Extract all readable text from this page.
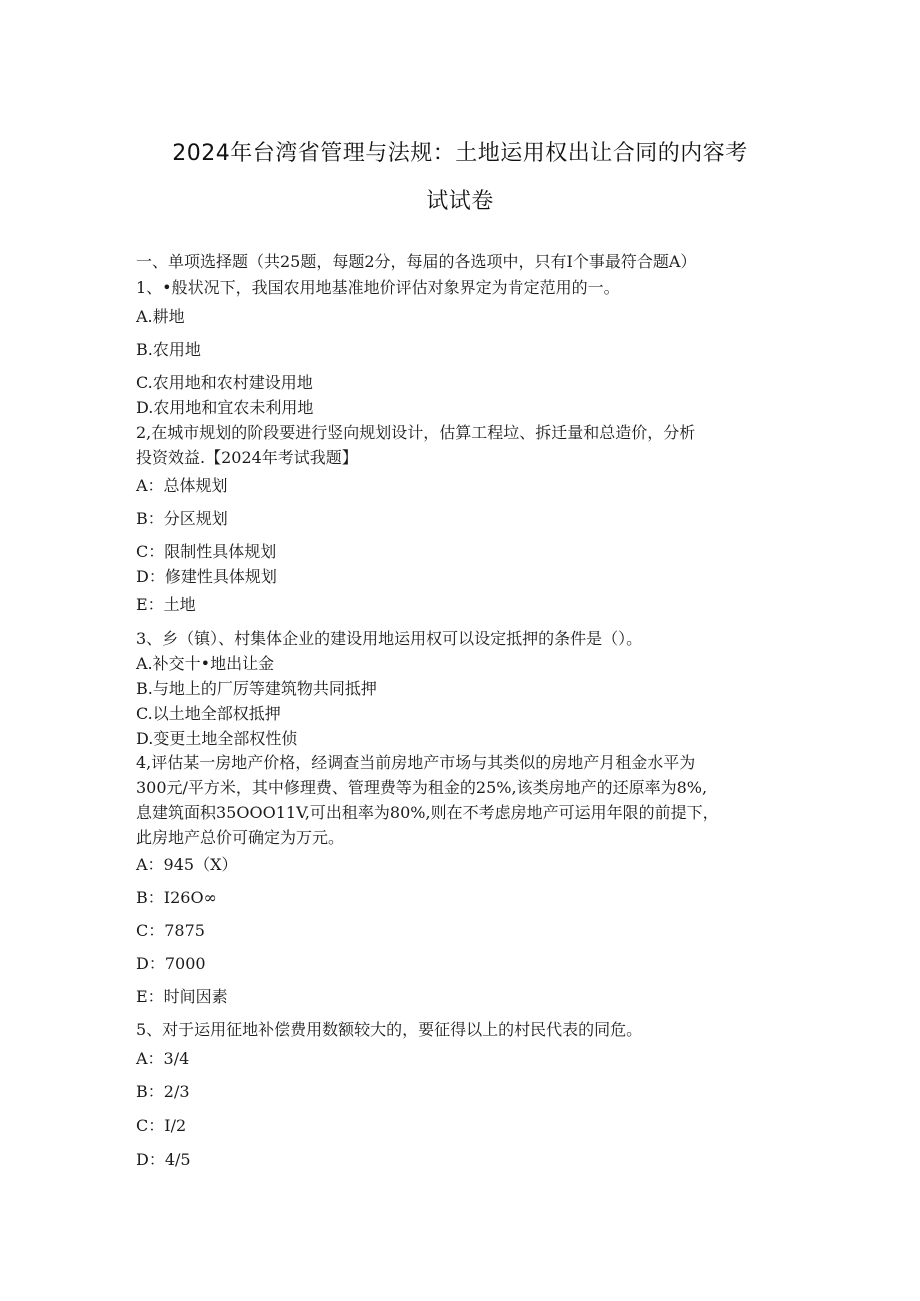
2024年台湾省管理与法规：土地运用权出让合同的内容考
试试卷
一、单项选择题（共25题，每题2分，每届的各选项中，只有I个事最符合题A）
1、•般状况下，我国农用地基准地价评估对象界定为肯定范用的一。
A.耕地
B.农用地
C.农用地和农村建设用地
D.农用地和宜农未利用地
2,在城市规划的阶段要进行竖向规划设计，估算工程垃、拆迁量和总造价，分析
投资效益.【2024年考试我题】
A：总体规划
B：分区规划
C：限制性具体规划
D：修建性具体规划
E：土地
3、乡（镇）、村集体企业的建设用地运用权可以设定抵押的条件是（）。
A.补交十•地出让金
B.与地上的厂厉等建筑物共同抵押
C.以土地全部权抵押
D.变更土地全部权性侦
4,评估某一房地产价格，经调查当前房地产市场与其类似的房地产月租金水平为
300元/平方米，其中修理费、管理费等为租金的25%,该类房地产的还原率为8%,
息建筑面积35OOO11V,可出租率为80%,则在不考虑房地产可运用年限的前提下，
此房地产总价可确定为万元。
A：945（X）
B：I26O∞
C：7875
D：7000
E：时间因素
5、对于运用征地补偿费用数额较大的，要征得以上的村民代表的同危。
A：3/4
B：2/3
C：I/2
D：4/5
